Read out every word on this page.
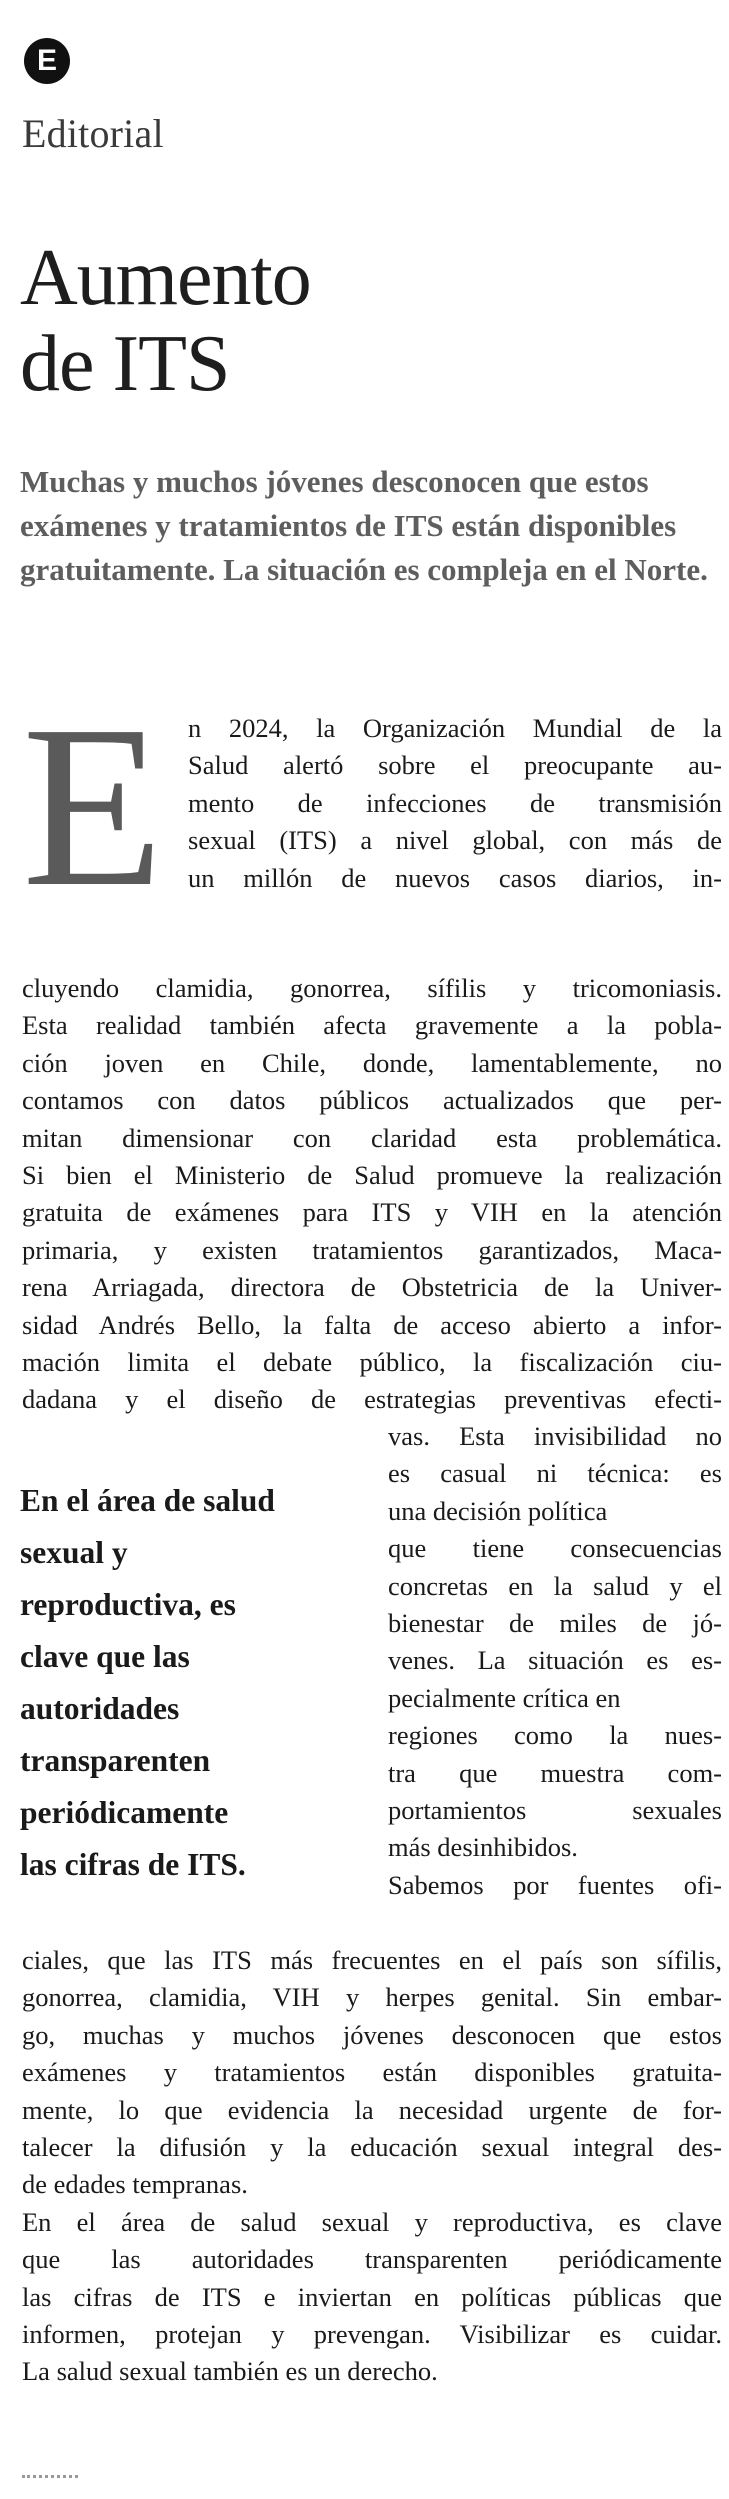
E
Editorial
Aumento
de ITS

Muchas y muchos jóvenes desconocen que estos exámenes y tratamientos de ITS están disponibles gratuitamente. La situación es compleja en el Norte.

E n 2024, la Organización Mundial de la
Salud alertó sobre el preocupante au-
mento de infecciones de transmisión
sexual (ITS) a nivel global, con más de
un millón de nuevos casos diarios, in-
cluyendo clamidia, gonorrea, sífilis y tricomoniasis.
Esta realidad también afecta gravemente a la pobla-
ción joven en Chile, donde, lamentablemente, no
contamos con datos públicos actualizados que per-
mitan dimensionar con claridad esta problemática.
Si bien el Ministerio de Salud promueve la realización
gratuita de exámenes para ITS y VIH en la atención
primaria, y existen tratamientos garantizados, Maca-
rena Arriagada, directora de Obstetricia de la Univer-
sidad Andrés Bello, la falta de acceso abierto a infor-
mación limita el debate público, la fiscalización ciu-
dadana y el diseño de estrategias preventivas efecti-
En el área de salud
sexual y
reproductiva, es
clave que las
autoridades
transparenten
periódicamente
las cifras de ITS.
vas. Esta invisibilidad no
es casual ni técnica: es
una decisión política
que tiene consecuencias
concretas en la salud y el
bienestar de miles de jó-
venes. La situación es es-
pecialmente crítica en
regiones como la nues-
tra que muestra com-
portamientos sexuales
más desinhibidos.
Sabemos por fuentes ofi-
ciales, que las ITS más frecuentes en el país son sífilis,
gonorrea, clamidia, VIH y herpes genital. Sin embar-
go, muchas y muchos jóvenes desconocen que estos
exámenes y tratamientos están disponibles gratuita-
mente, lo que evidencia la necesidad urgente de for-
talecer la difusión y la educación sexual integral des-
de edades tempranas.
En el área de salud sexual y reproductiva, es clave
que las autoridades transparenten periódicamente
las cifras de ITS e inviertan en políticas públicas que
informen, protejan y prevengan. Visibilizar es cuidar.
La salud sexual también es un derecho.
